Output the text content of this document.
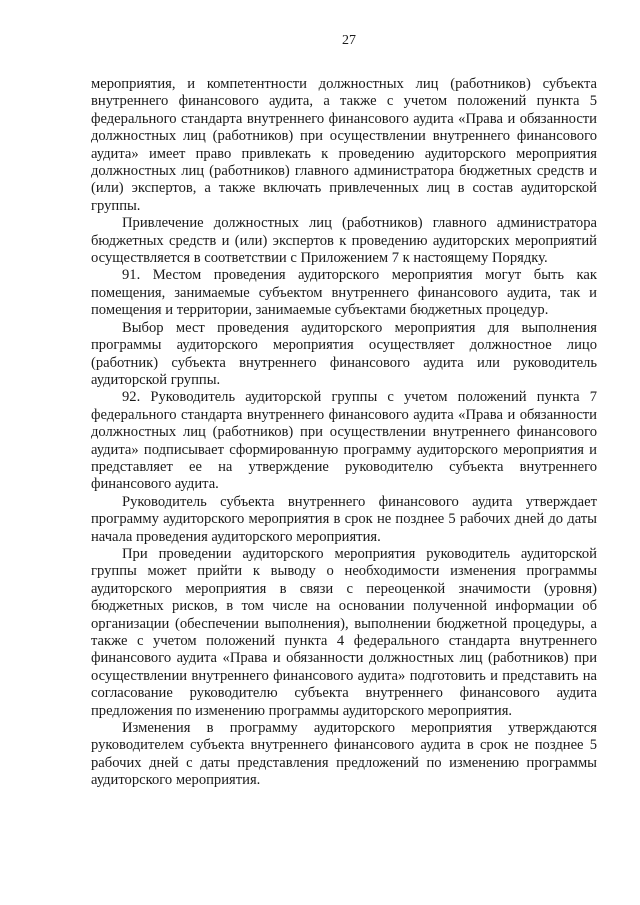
27

мероприятия, и компетентности должностных лиц (работников) субъекта внутреннего финансового аудита, а также с учетом положений пункта 5 федерального стандарта внутреннего финансового аудита «Права и обязанности должностных лиц (работников) при осуществлении внутреннего финансового аудита» имеет право привлекать к проведению аудиторского мероприятия должностных лиц (работников) главного администратора бюджетных средств и (или) экспертов, а также включать привлеченных лиц в состав аудиторской группы.

Привлечение должностных лиц (работников) главного администратора бюджетных средств и (или) экспертов к проведению аудиторских мероприятий осуществляется в соответствии с Приложением 7 к настоящему Порядку.

91. Местом проведения аудиторского мероприятия могут быть как помещения, занимаемые субъектом внутреннего финансового аудита, так и помещения и территории, занимаемые субъектами бюджетных процедур.

Выбор мест проведения аудиторского мероприятия для выполнения программы аудиторского мероприятия осуществляет должностное лицо (работник) субъекта внутреннего финансового аудита или руководитель аудиторской группы.

92. Руководитель аудиторской группы с учетом положений пункта 7 федерального стандарта внутреннего финансового аудита «Права и обязанности должностных лиц (работников) при осуществлении внутреннего финансового аудита» подписывает сформированную программу аудиторского мероприятия и представляет ее на утверждение руководителю субъекта внутреннего финансового аудита.

Руководитель субъекта внутреннего финансового аудита утверждает программу аудиторского мероприятия в срок не позднее 5 рабочих дней до даты начала проведения аудиторского мероприятия.

При проведении аудиторского мероприятия руководитель аудиторской группы может прийти к выводу о необходимости изменения программы аудиторского мероприятия в связи с переоценкой значимости (уровня) бюджетных рисков, в том числе на основании полученной информации об организации (обеспечении выполнения), выполнении бюджетной процедуры, а также с учетом положений пункта 4 федерального стандарта внутреннего финансового аудита «Права и обязанности должностных лиц (работников) при осуществлении внутреннего финансового аудита» подготовить и представить на согласование руководителю субъекта внутреннего финансового аудита предложения по изменению программы аудиторского мероприятия.

Изменения в программу аудиторского мероприятия утверждаются руководителем субъекта внутреннего финансового аудита в срок не позднее 5 рабочих дней с даты представления предложений по изменению программы аудиторского мероприятия.
